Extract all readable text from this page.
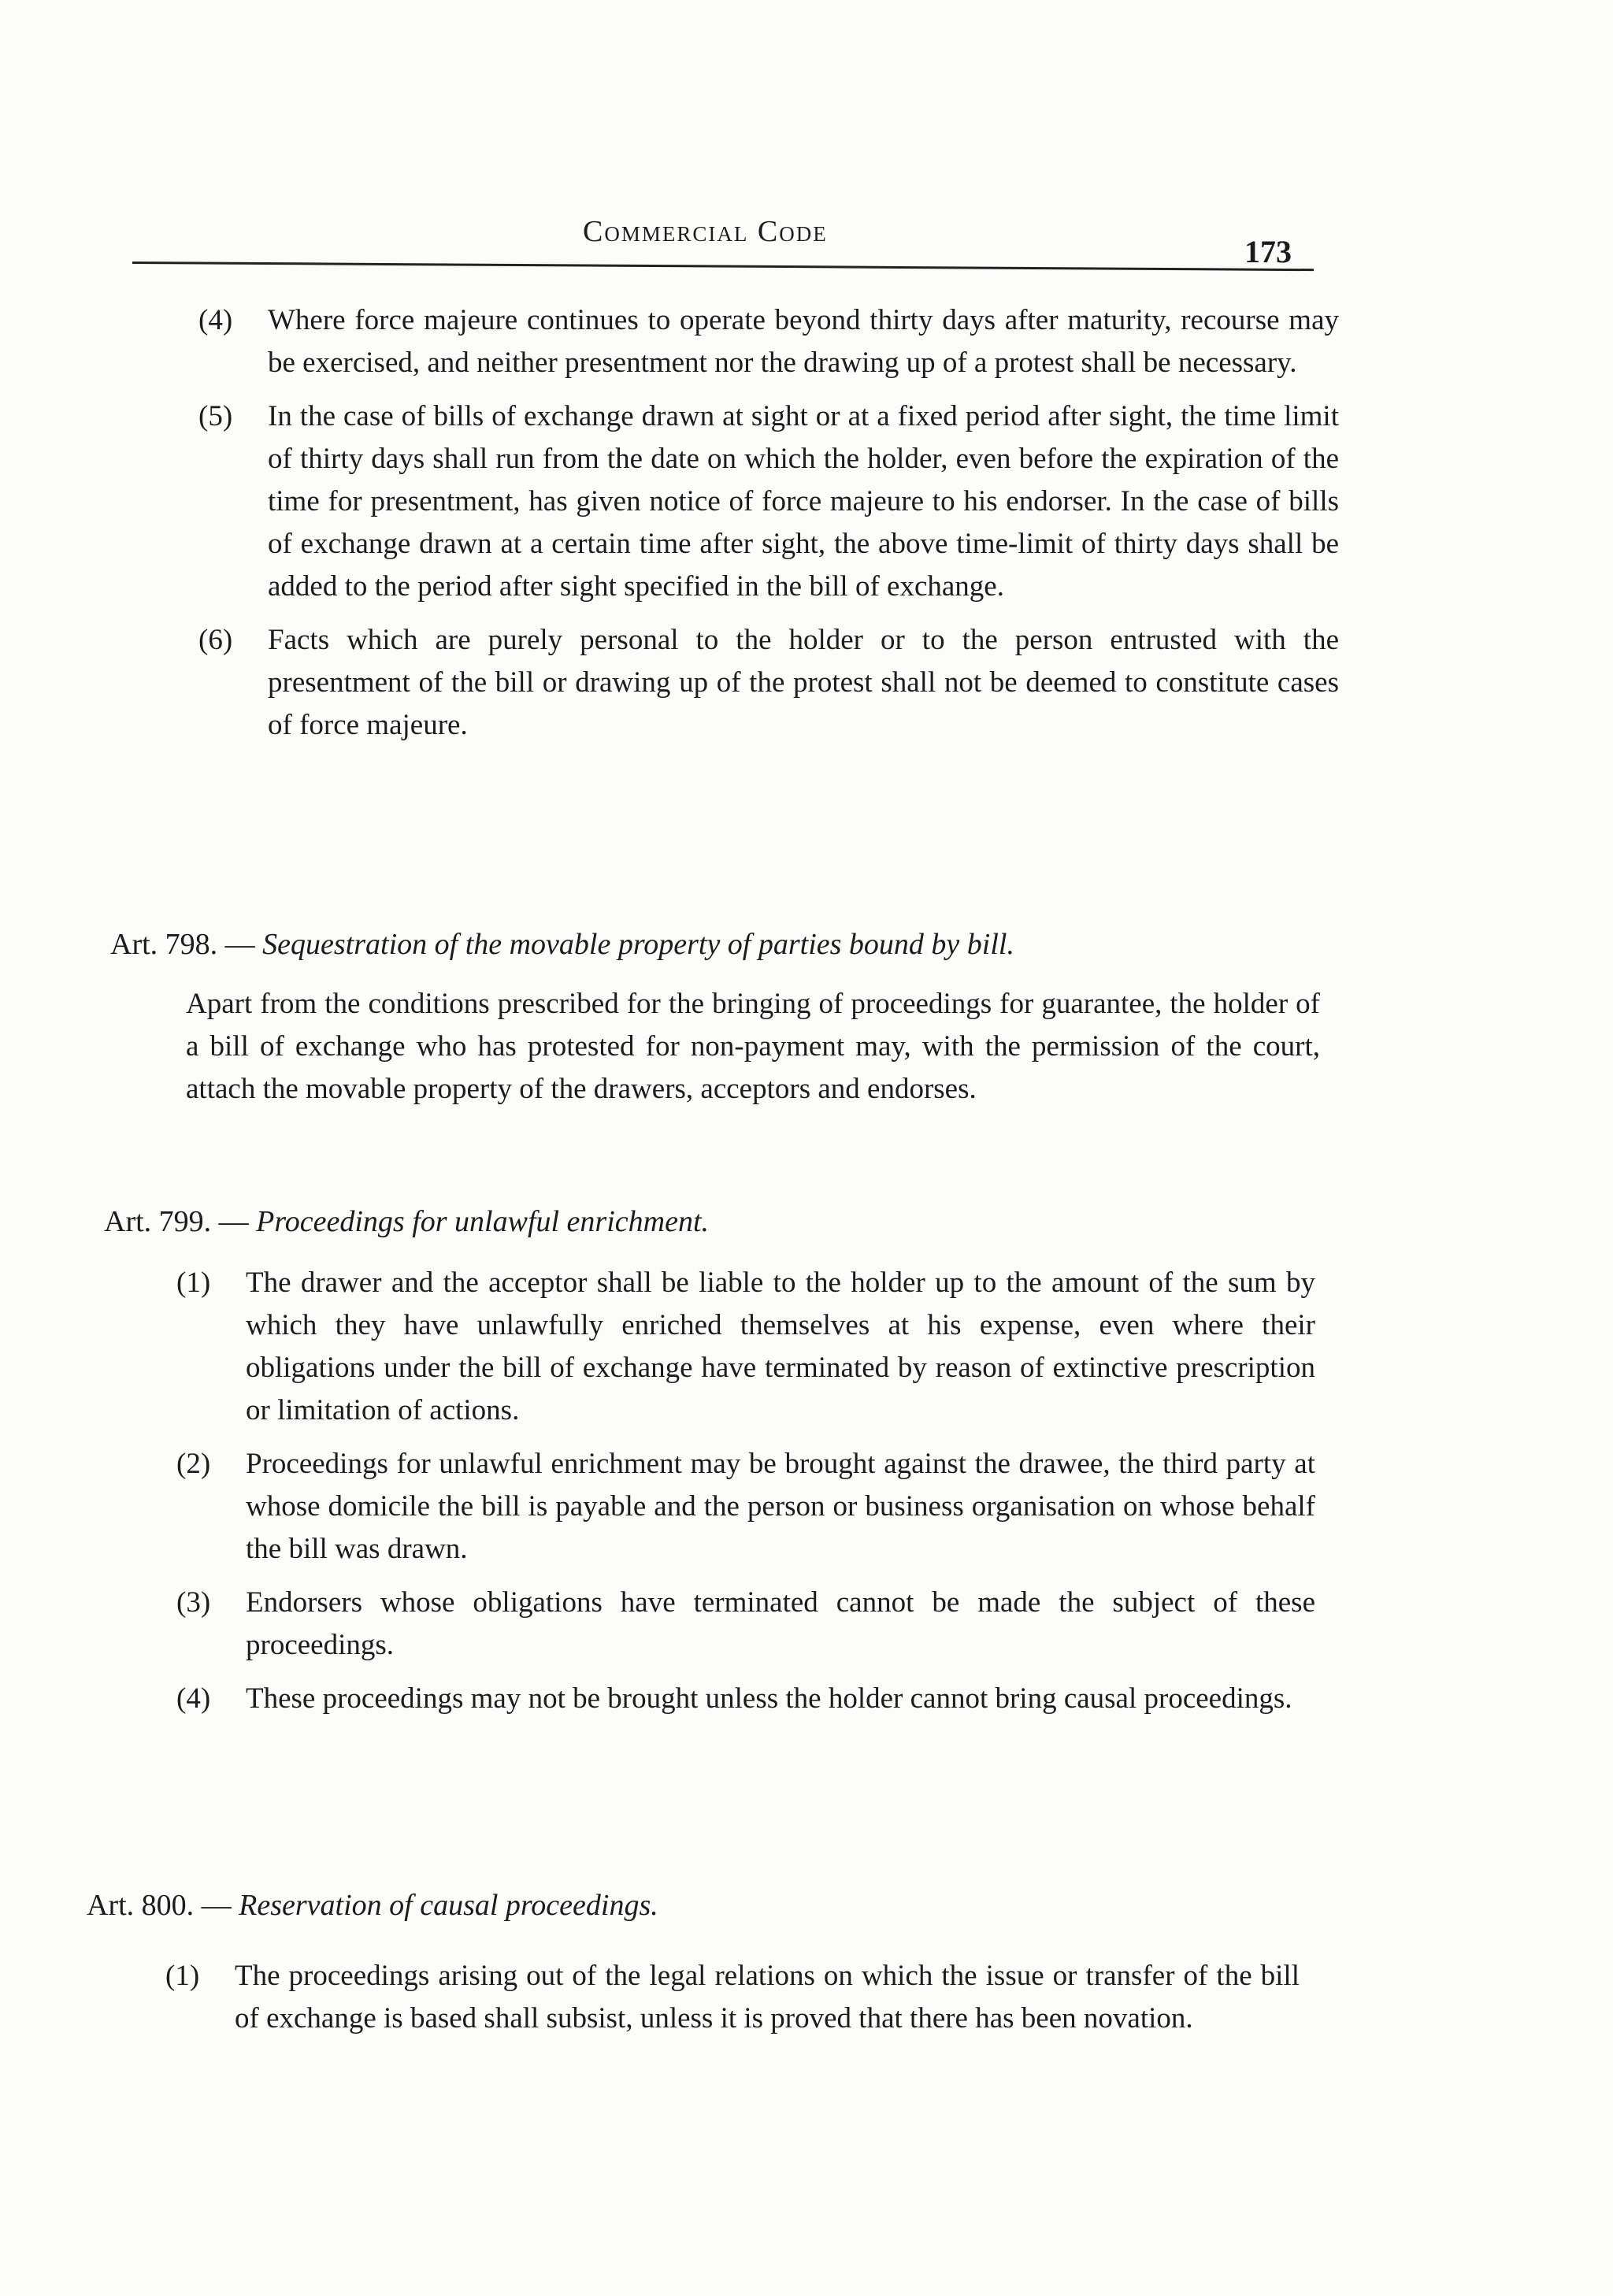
Commercial Code
173
(4) Where force majeure continues to operate beyond thirty days after maturity, recourse may be exercised, and neither presentment nor the drawing up of a protest shall be necessary.
(5) In the case of bills of exchange drawn at sight or at a fixed period after sight, the time limit of thirty days shall run from the date on which the holder, even before the expiration of the time for presentment, has given notice of force majeure to his endorser. In the case of bills of exchange drawn at a certain time after sight, the above time-limit of thirty days shall be added to the period after sight specified in the bill of exchange.
(6) Facts which are purely personal to the holder or to the person entrusted with the presentment of the bill or drawing up of the protest shall not be deemed to constitute cases of force majeure.
Art. 798. — Sequestration of the movable property of parties bound by bill.
Apart from the conditions prescribed for the bringing of proceedings for guarantee, the holder of a bill of exchange who has protested for non-payment may, with the permission of the court, attach the movable property of the drawers, acceptors and endorses.
Art. 799. — Proceedings for unlawful enrichment.
(1) The drawer and the acceptor shall be liable to the holder up to the amount of the sum by which they have unlawfully enriched themselves at his expense, even where their obligations under the bill of exchange have terminated by reason of extinctive prescription or limitation of actions.
(2) Proceedings for unlawful enrichment may be brought against the drawee, the third party at whose domicile the bill is payable and the person or business organisation on whose behalf the bill was drawn.
(3) Endorsers whose obligations have terminated cannot be made the subject of these proceedings.
(4) These proceedings may not be brought unless the holder cannot bring causal proceedings.
Art. 800. — Reservation of causal proceedings.
(1) The proceedings arising out of the legal relations on which the issue or transfer of the bill of exchange is based shall subsist, unless it is proved that there has been novation.
